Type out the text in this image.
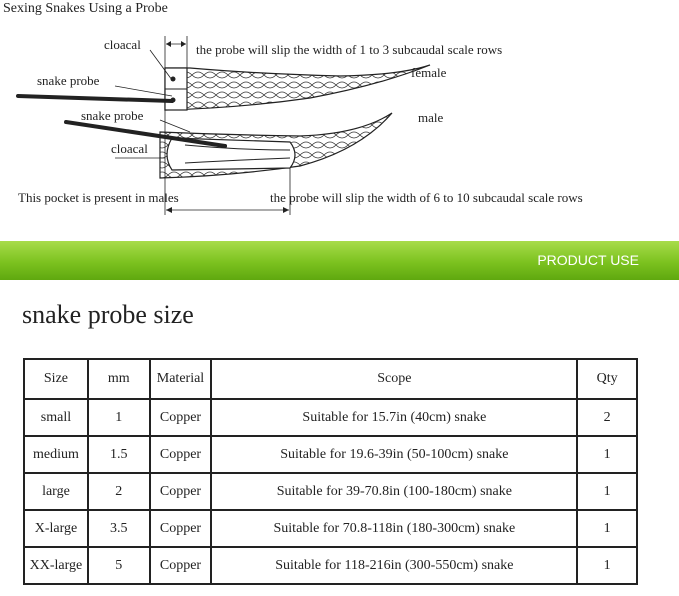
Sexing Snakes Using a Probe
cloacal	the probe will slip the width of 1 to 3 subcaudal scale rows
female
snake probe
snake probe	male
cloacal
This pocket is present in males	the probe will slip the width of 6 to 10 subcaudal scale rows
PRODUCT USE
snake probe size
Size	mm	Material	Scope	Qty
small	1	Copper	Suitable for 15.7in (40cm) snake	2
medium	1.5	Copper	Suitable for 19.6-39in (50-100cm) snake	1
large	2	Copper	Suitable for 39-70.8in (100-180cm) snake	1
X-large	3.5	Copper	Suitable for 70.8-118in (180-300cm) snake	1
XX-large	5	Copper	Suitable for 118-216in (300-550cm) snake	1
